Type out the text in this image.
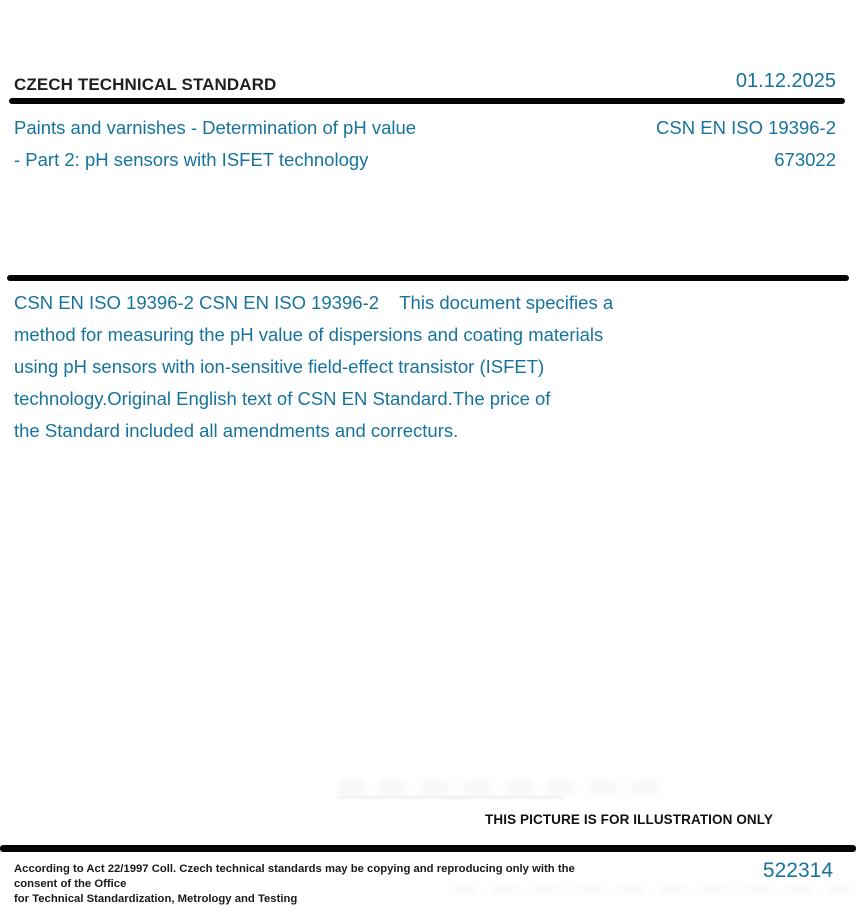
CZECH TECHNICAL STANDARD	01.12.2025
Paints and varnishes - Determination of pH value
- Part 2: pH sensors with ISFET technology
CSN EN ISO 19396-2
673022
CSN EN ISO 19396-2 CSN EN ISO 19396-2    This document specifies a
method for measuring the pH value of dispersions and coating materials
using pH sensors with ion-sensitive field-effect transistor (ISFET)
technology.Original English text of CSN EN Standard.The price of
the Standard included all amendments and correcturs.
THIS PICTURE IS FOR ILLUSTRATION ONLY
According to Act 22/1997 Coll. Czech technical standards may be copying and reproducing only with the consent of the Office
for Technical Standardization, Metrology and Testing
522314
